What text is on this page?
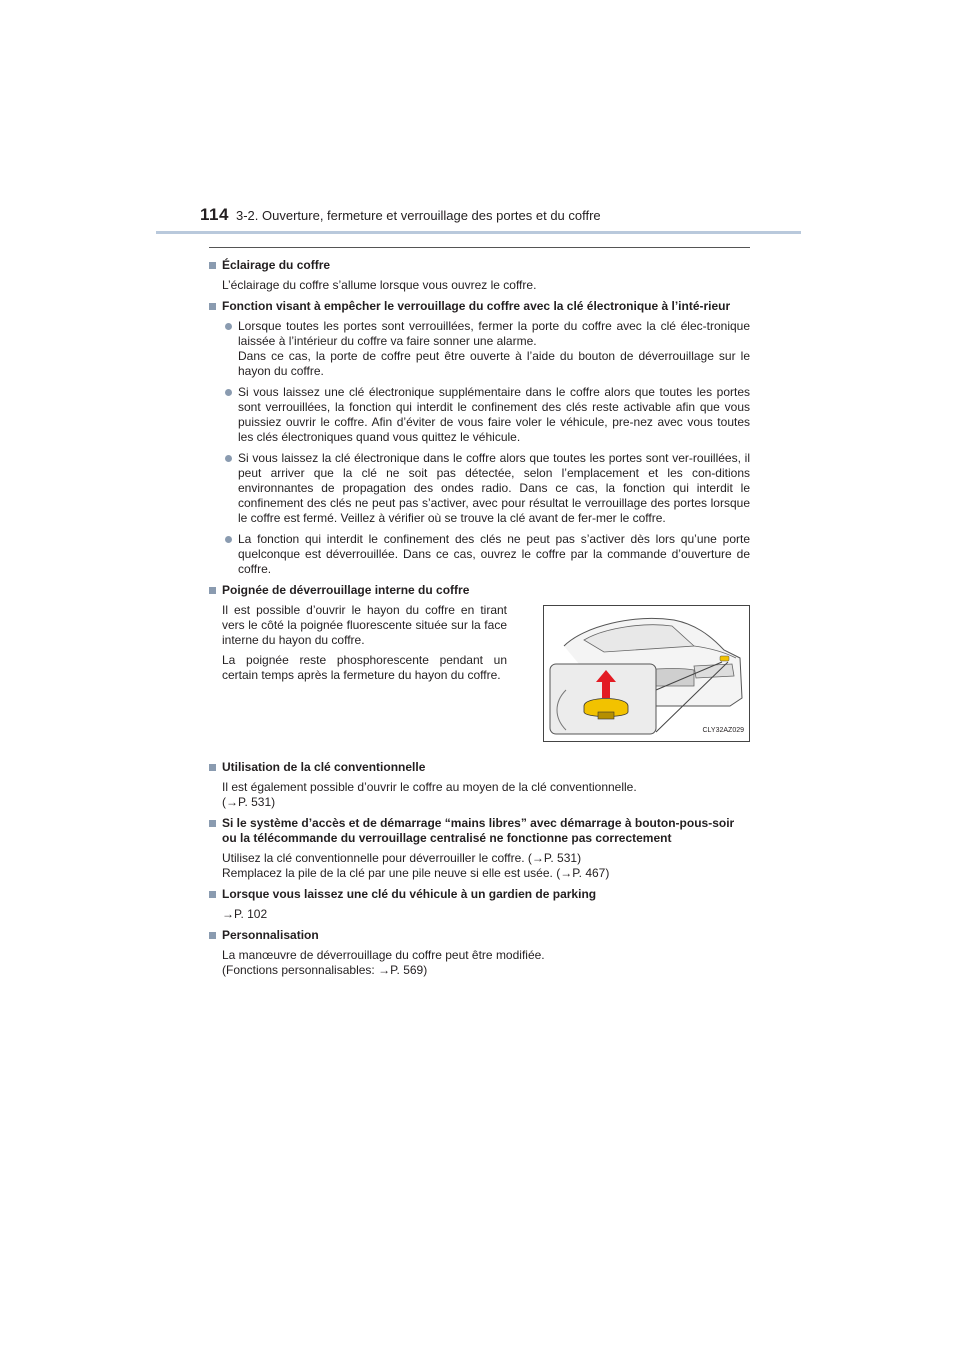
114 3-2. Ouverture, fermeture et verrouillage des portes et du coffre
Éclairage du coffre

L’éclairage du coffre s’allume lorsque vous ouvrez le coffre.

Fonction visant à empêcher le verrouillage du coffre avec la clé électronique à l’inté-rieur

Lorsque toutes les portes sont verrouillées, fermer la porte du coffre avec la clé élec-tronique laissée à l’intérieur du coffre va faire sonner une alarme.

Dans ce cas, la porte de coffre peut être ouverte à l’aide du bouton de déverrouillage sur le hayon du coffre.

Si vous laissez une clé électronique supplémentaire dans le coffre alors que toutes les portes sont verrouillées, la fonction qui interdit le confinement des clés reste activable afin que vous puissiez ouvrir le coffre. Afin d’éviter de vous faire voler le véhicule, pre-nez avec vous toutes les clés électroniques quand vous quittez le véhicule.

Si vous laissez la clé électronique dans le coffre alors que toutes les portes sont ver-rouillées, il peut arriver que la clé ne soit pas détectée, selon l’emplacement et les con-ditions environnantes de propagation des ondes radio. Dans ce cas, la fonction qui interdit le confinement des clés ne peut pas s’activer, avec pour résultat le verrouillage des portes lorsque le coffre est fermé. Veillez à vérifier où se trouve la clé avant de fer-mer le coffre.

La fonction qui interdit le confinement des clés ne peut pas s’activer dès lors qu’une porte quelconque est déverrouillée. Dans ce cas, ouvrez le coffre par la commande d’ouverture de coffre.

Poignée de déverrouillage interne du coffre

Il est possible d’ouvrir le hayon du coffre en tirant vers le côté la poignée fluorescente située sur la face interne du hayon du coffre.

La poignée reste phosphorescente pendant un certain temps après la fermeture du hayon du coffre.

CLY32AZ029
Utilisation de la clé conventionnelle

Il est également possible d’ouvrir le coffre au moyen de la clé conventionnelle.

(→P. 531)

Si le système d’accès et de démarrage “mains libres” avec démarrage à bouton-pous-soir ou la télécommande du verrouillage centralisé ne fonctionne pas correctement

Utilisez la clé conventionnelle pour déverrouiller le coffre. (→P. 531)

Remplacez la pile de la clé par une pile neuve si elle est usée. (→P. 467)

Lorsque vous laissez une clé du véhicule à un gardien de parking

→P. 102

Personnalisation

La manœuvre de déverrouillage du coffre peut être modifiée.

(Fonctions personnalisables: →P. 569)
